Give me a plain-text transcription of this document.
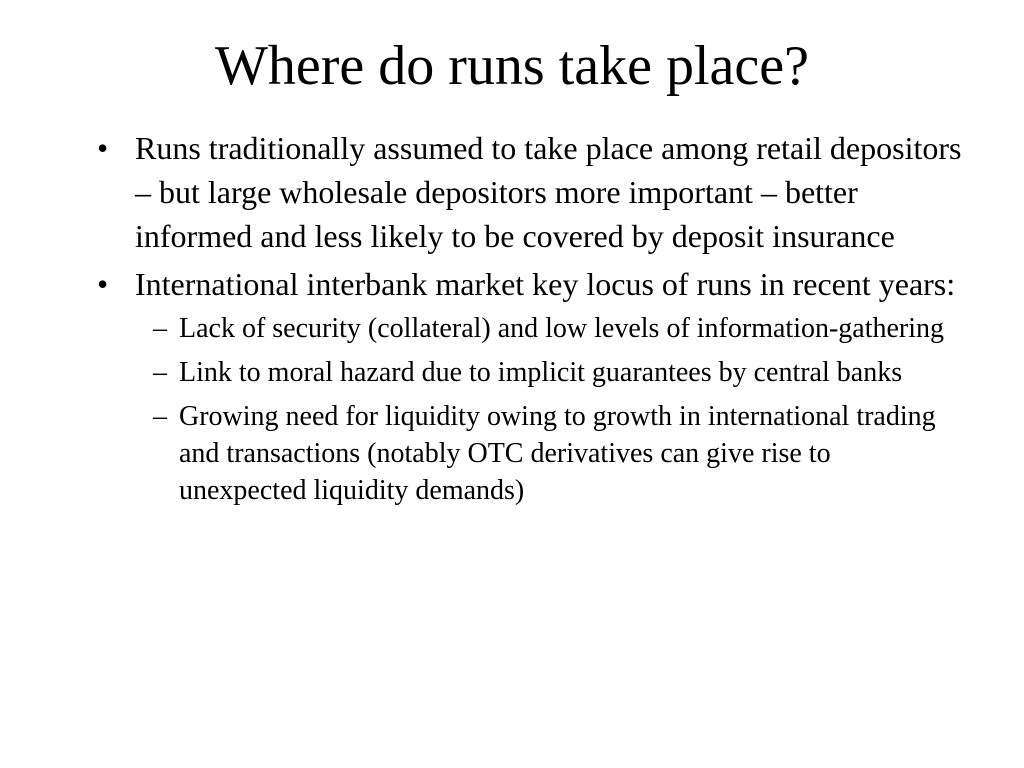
Where do runs take place?
• Runs traditionally assumed to take place among retail depositors – but large wholesale depositors more important – better informed and less likely to be covered by deposit insurance
• International interbank market key locus of runs in recent years:
– Lack of security (collateral) and low levels of information-gathering
– Link to moral hazard due to implicit guarantees by central banks
– Growing need for liquidity owing to growth in international trading and transactions (notably OTC derivatives can give rise to unexpected liquidity demands)
